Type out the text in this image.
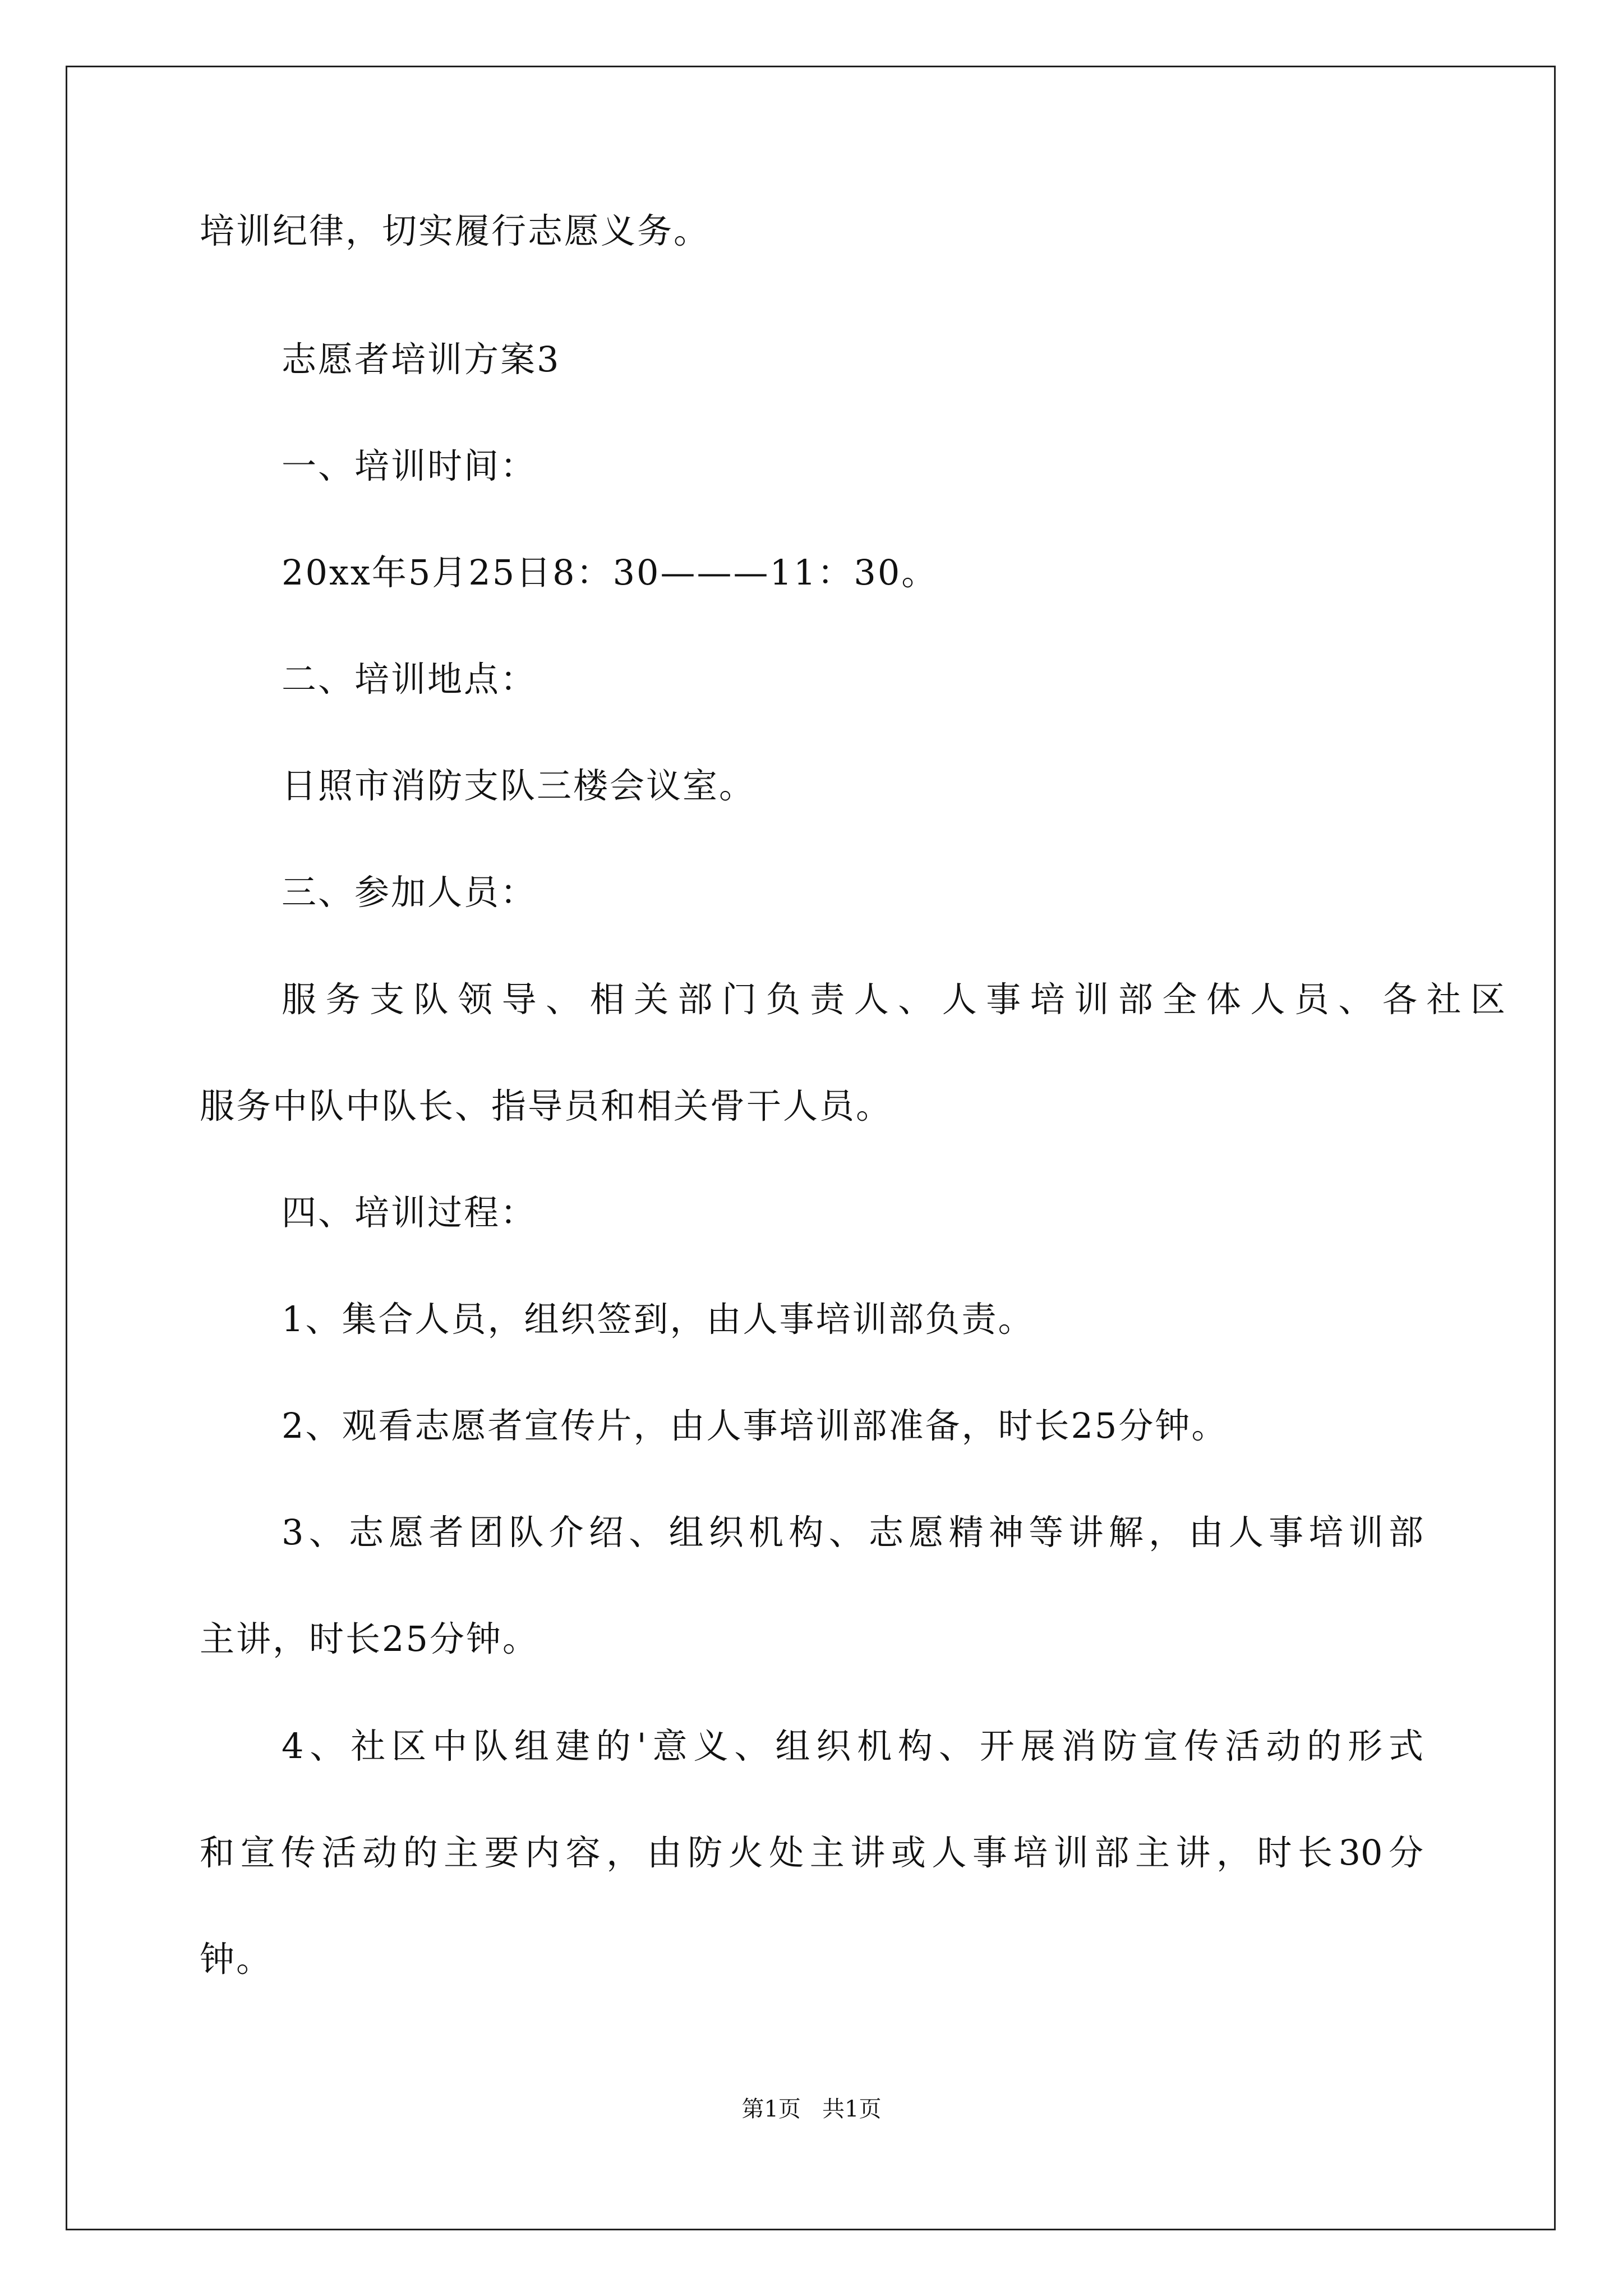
培训纪律，切实履行志愿义务。
志愿者培训方案3
一、培训时间：
20xx年5月25日8：30———11：30。
二、培训地点：
日照市消防支队三楼会议室。
三、参加人员：
服务支队领导、相关部门负责人、人事培训部全体人员、各社区
服务中队中队长、指导员和相关骨干人员。
四、培训过程：
1、集合人员，组织签到，由人事培训部负责。
2、观看志愿者宣传片，由人事培训部准备，时长25分钟。
3、志愿者团队介绍、组织机构、志愿精神等讲解，由人事培训部
主讲，时长25分钟。
4、社区中队组建的'意义、组织机构、开展消防宣传活动的形式
和宣传活动的主要内容，由防火处主讲或人事培训部主讲，时长30分
钟。
第1页   共1页
